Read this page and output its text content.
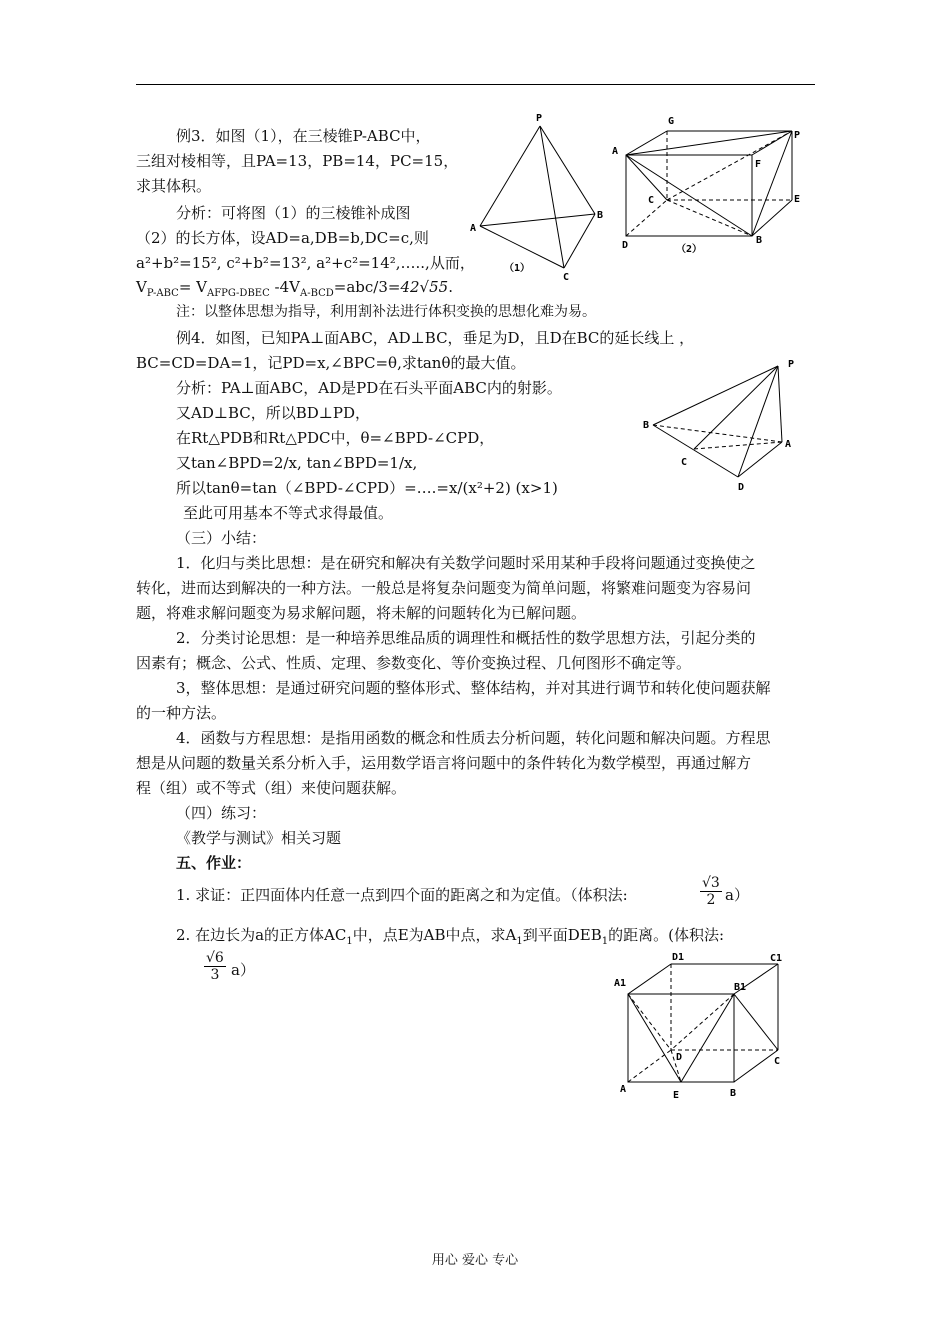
例3．如图（1），在三棱锥P-ABC中，
三组对棱相等，且PA=13，PB=14，PC=15，
求其体积。
分析：可将图（1）的三棱锥补成图
（2）的长方体，设AD=a,DB=b,DC=c,则
a²+b²=15², c²+b²=13², a²+c²=14²,…..,从而，
$V_{P-ABC}= V_{AFPG-DBEC}$ $-4V_{A-BCD}=abc/3=42√55$.
注：以整体思想为指导，利用割补法进行体积变换的思想化难为易。
例4．如图，已知PA⊥面ABC，AD⊥BC，垂足为D，且D在BC的延长线上 ，
BC=CD=DA=1，记PD=x,∠BPC=θ,求tanθ的最大值。
分析：PA⊥面ABC，AD是PD在石头平面ABC内的射影。
又AD⊥BC，所以BD⊥PD，
在Rt△PDB和Rt△PDC中，θ=∠BPD-∠CPD，
又tan∠BPD=2/x, tan∠BPD=1/x,
所以tanθ=tan（∠BPD-∠CPD）=….=x/(x²+2) (x>1)
至此可用基本不等式求得最值。
（三）小结：
1．化归与类比思想：是在研究和解决有关数学问题时采用某种手段将问题通过变换使之
转化，进而达到解决的一种方法。一般总是将复杂问题变为简单问题，将繁难问题变为容易问
题，将难求解问题变为易求解问题，将未解的问题转化为已解问题。
2．分类讨论思想：是一种培养思维品质的调理性和概括性的数学思想方法，引起分类的
因素有；概念、公式、性质、定理、参数变化、等价变换过程、几何图形不确定等。
3，整体思想：是通过研究问题的整体形式、整体结构，并对其进行调节和转化使问题获解
的一种方法。
4．函数与方程思想：是指用函数的概念和性质去分析问题，转化问题和解决问题。方程思
想是从问题的数量关系分析入手，运用数学语言将问题中的条件转化为数学模型，再通过解方
程（组）或不等式（组）来使问题获解。
（四）练习：
《教学与测试》相关习题
五、作业：
1. 求证：正四面体内任意一点到四个面的距离之和为定值。（体积法:	$\frac{√3}{2} a$）
2. 在边长为a的正方体$AC_1$中，点E为AB中点，求$A_1$到平面$DEB_1$的距离。(体积法:
$\frac{√6}{3} a$）
P
A
B
C
（1）
G
P
A
F
C	E
D	B
（2）
P
B
A
C
D
D1	C1
A1	B1
D	C
A
E	B
用心 爱心 专心
